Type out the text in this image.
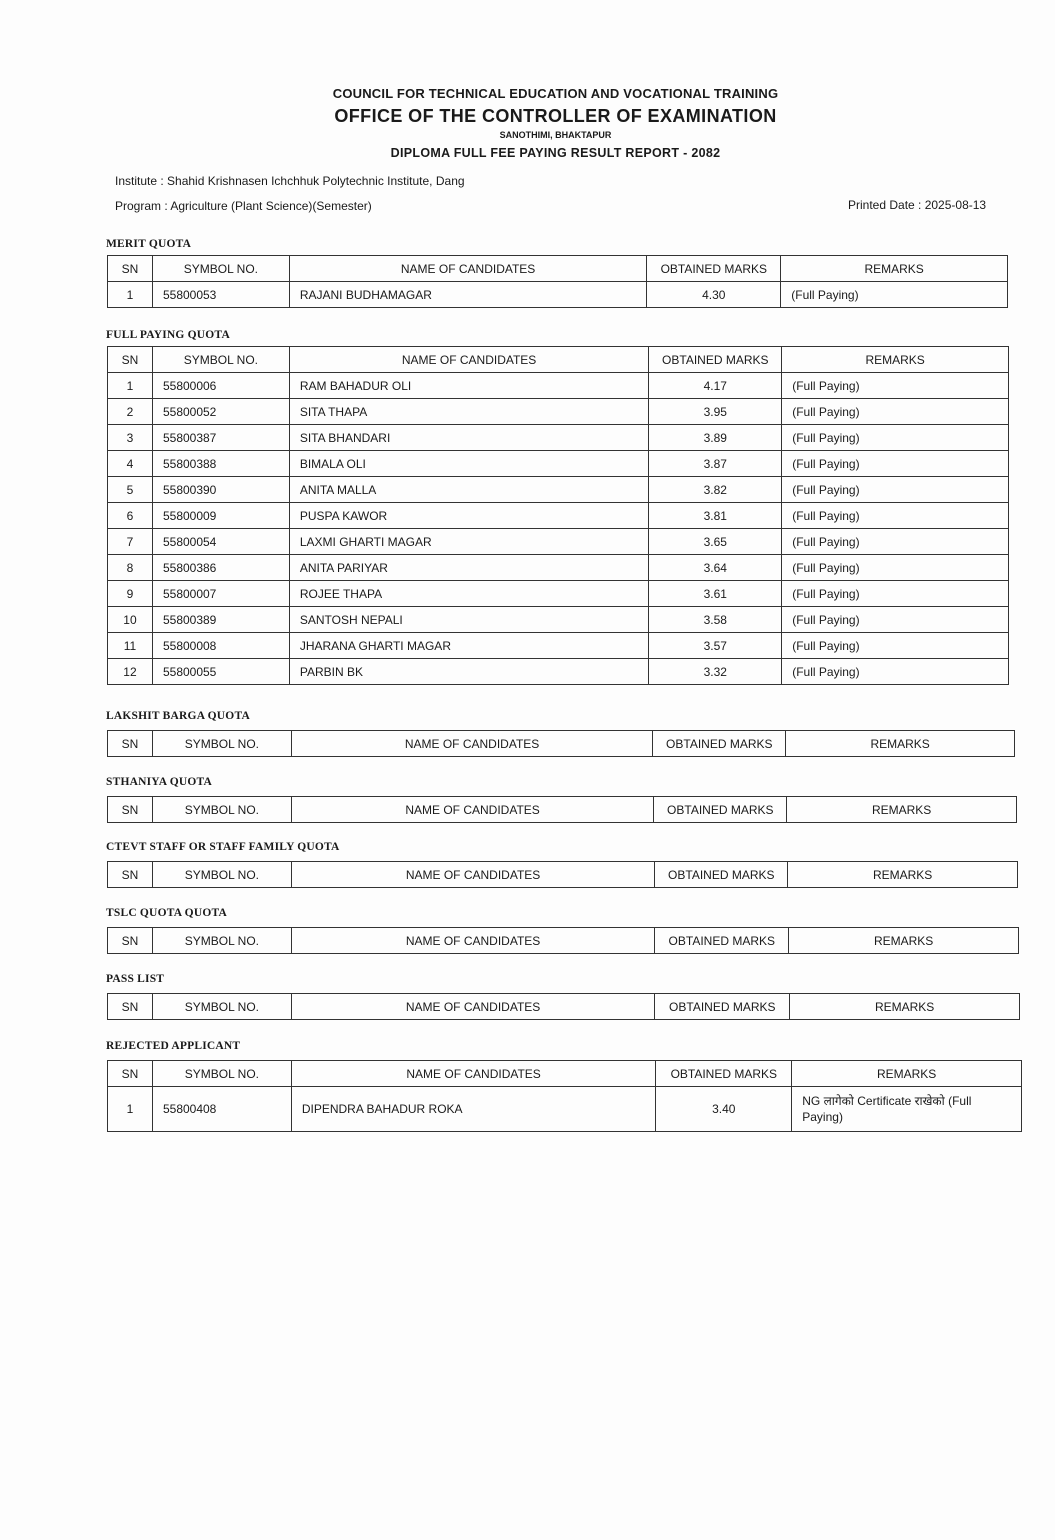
COUNCIL FOR TECHNICAL EDUCATION AND VOCATIONAL TRAINING
OFFICE OF THE CONTROLLER OF EXAMINATION
SANOTHIMI, BHAKTAPUR
DIPLOMA FULL FEE PAYING RESULT REPORT - 2082
Institute : Shahid Krishnasen Ichchhuk Polytechnic Institute, Dang
Program : Agriculture (Plant Science)(Semester)	Printed Date : 2025-08-13
MERIT QUOTA
SN	SYMBOL NO.	NAME OF CANDIDATES	OBTAINED MARKS	REMARKS
1	55800053	RAJANI BUDHAMAGAR	4.30	(Full Paying)
FULL PAYING QUOTA
SN	SYMBOL NO.	NAME OF CANDIDATES	OBTAINED MARKS	REMARKS
1	55800006	RAM BAHADUR OLI	4.17	(Full Paying)
2	55800052	SITA THAPA	3.95	(Full Paying)
3	55800387	SITA BHANDARI	3.89	(Full Paying)
4	55800388	BIMALA OLI	3.87	(Full Paying)
5	55800390	ANITA MALLA	3.82	(Full Paying)
6	55800009	PUSPA KAWOR	3.81	(Full Paying)
7	55800054	LAXMI GHARTI MAGAR	3.65	(Full Paying)
8	55800386	ANITA PARIYAR	3.64	(Full Paying)
9	55800007	ROJEE THAPA	3.61	(Full Paying)
10	55800389	SANTOSH NEPALI	3.58	(Full Paying)
11	55800008	JHARANA GHARTI MAGAR	3.57	(Full Paying)
12	55800055	PARBIN BK	3.32	(Full Paying)
LAKSHIT BARGA QUOTA
SN	SYMBOL NO.	NAME OF CANDIDATES	OBTAINED MARKS	REMARKS
STHANIYA QUOTA
SN	SYMBOL NO.	NAME OF CANDIDATES	OBTAINED MARKS	REMARKS
CTEVT STAFF OR STAFF FAMILY QUOTA
SN	SYMBOL NO.	NAME OF CANDIDATES	OBTAINED MARKS	REMARKS
TSLC QUOTA QUOTA
SN	SYMBOL NO.	NAME OF CANDIDATES	OBTAINED MARKS	REMARKS
PASS LIST
SN	SYMBOL NO.	NAME OF CANDIDATES	OBTAINED MARKS	REMARKS
REJECTED APPLICANT
SN	SYMBOL NO.	NAME OF CANDIDATES	OBTAINED MARKS	REMARKS
1	55800408	DIPENDRA BAHADUR ROKA	3.40	NG लागेको Certificate राखेको (Full Paying)
